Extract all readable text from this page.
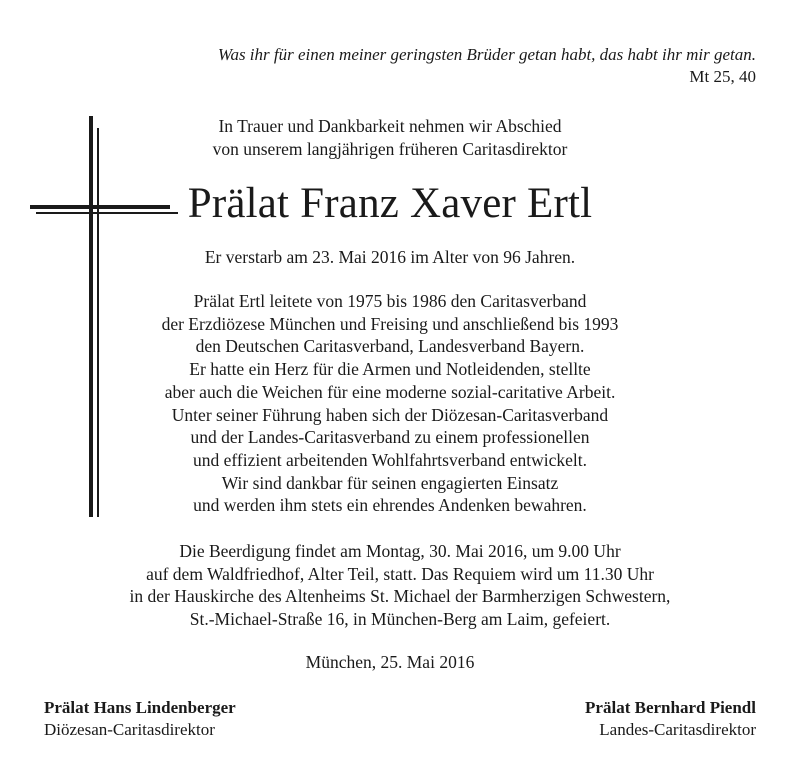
Was ihr für einen meiner geringsten Brüder getan habt, das habt ihr mir getan.
Mt 25, 40
In Trauer und Dankbarkeit nehmen wir Abschied
von unserem langjährigen früheren Caritasdirektor
Prälat Franz Xaver Ertl
Er verstarb am 23. Mai 2016 im Alter von 96 Jahren.
Prälat Ertl leitete von 1975 bis 1986 den Caritasverband
der Erzdiözese München und Freising und anschließend bis 1993
den Deutschen Caritasverband, Landesverband Bayern.
Er hatte ein Herz für die Armen und Notleidenden, stellte
aber auch die Weichen für eine moderne sozial-caritative Arbeit.
Unter seiner Führung haben sich der Diözesan-Caritasverband
und der Landes-Caritasverband zu einem professionellen
und effizient arbeitenden Wohlfahrtsverband entwickelt.
Wir sind dankbar für seinen engagierten Einsatz
und werden ihm stets ein ehrendes Andenken bewahren.
Die Beerdigung findet am Montag, 30. Mai 2016, um 9.00 Uhr
auf dem Waldfriedhof, Alter Teil, statt. Das Requiem wird um 11.30 Uhr
in der Hauskirche des Altenheims St. Michael der Barmherzigen Schwestern,
St.-Michael-Straße 16, in München-Berg am Laim, gefeiert.
München, 25. Mai 2016
Prälat Hans Lindenberger
Diözesan-Caritasdirektor
Prälat Bernhard Piendl
Landes-Caritasdirektor
